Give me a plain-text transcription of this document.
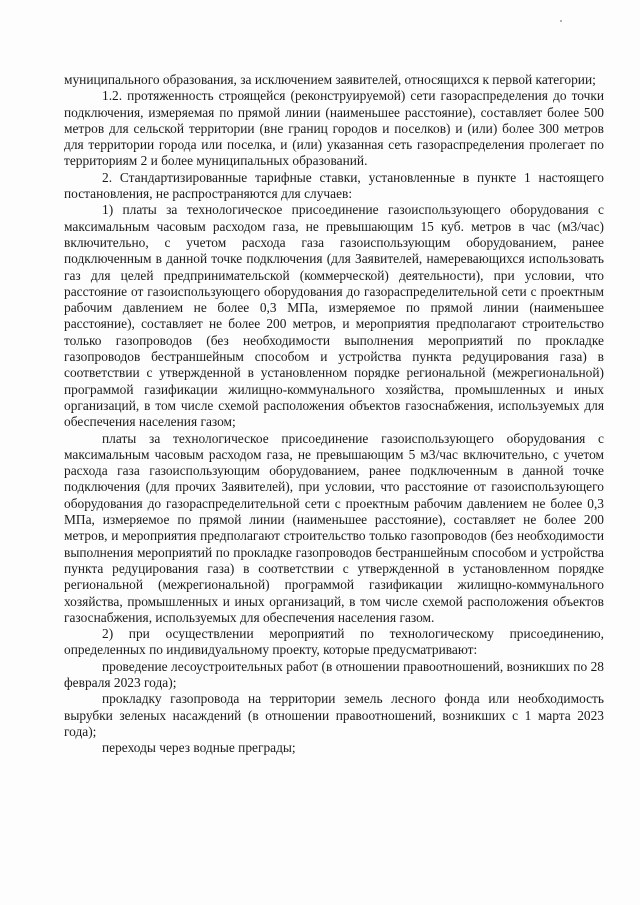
муниципального образования, за исключением заявителей, относящихся к первой категории;

1.2. протяженность строящейся (реконструируемой) сети газораспределения до точки подключения, измеряемая по прямой линии (наименьшее расстояние), составляет более 500 метров для сельской территории (вне границ городов и поселков) и (или) более 300 метров для территории города или поселка, и (или) указанная сеть газораспределения пролегает по территориям 2 и более муниципальных образований.

2. Стандартизированные тарифные ставки, установленные в пункте 1 настоящего постановления, не распространяются для случаев:

1) платы за технологическое присоединение газоиспользующего оборудования с максимальным часовым расходом газа, не превышающим 15 куб. метров в час (м3/час) включительно, с учетом расхода газа газоиспользующим оборудованием, ранее подключенным в данной точке подключения (для Заявителей, намеревающихся использовать газ для целей предпринимательской (коммерческой) деятельности), при условии, что расстояние от газоиспользующего оборудования до газораспределительной сети с проектным рабочим давлением не более 0,3 МПа, измеряемое по прямой линии (наименьшее расстояние), составляет не более 200 метров, и мероприятия предполагают строительство только газопроводов (без необходимости выполнения мероприятий по прокладке газопроводов бестраншейным способом и устройства пункта редуцирования газа) в соответствии с утвержденной в установленном порядке региональной (межрегиональной) программой газификации жилищно-коммунального хозяйства, промышленных и иных организаций, в том числе схемой расположения объектов газоснабжения, используемых для обеспечения населения газом;

платы за технологическое присоединение газоиспользующего оборудования с максимальным часовым расходом газа, не превышающим 5 м3/час включительно, с учетом расхода газа газоиспользующим оборудованием, ранее подключенным в данной точке подключения (для прочих Заявителей), при условии, что расстояние от газоиспользующего оборудования до газораспределительной сети с проектным рабочим давлением не более 0,3 МПа, измеряемое по прямой линии (наименьшее расстояние), составляет не более 200 метров, и мероприятия предполагают строительство только газопроводов (без необходимости выполнения мероприятий по прокладке газопроводов бестраншейным способом и устройства пункта редуцирования газа) в соответствии с утвержденной в установленном порядке региональной (межрегиональной) программой газификации жилищно-коммунального хозяйства, промышленных и иных организаций, в том числе схемой расположения объектов газоснабжения, используемых для обеспечения населения газом.

2) при осуществлении мероприятий по технологическому присоединению, определенных по индивидуальному проекту, которые предусматривают:

проведение лесоустроительных работ (в отношении правоотношений, возникших по 28 февраля 2023 года);

прокладку газопровода на территории земель лесного фонда или необходимость вырубки зеленых насаждений (в отношении правоотношений, возникших с 1 марта 2023 года);

переходы через водные преграды;
